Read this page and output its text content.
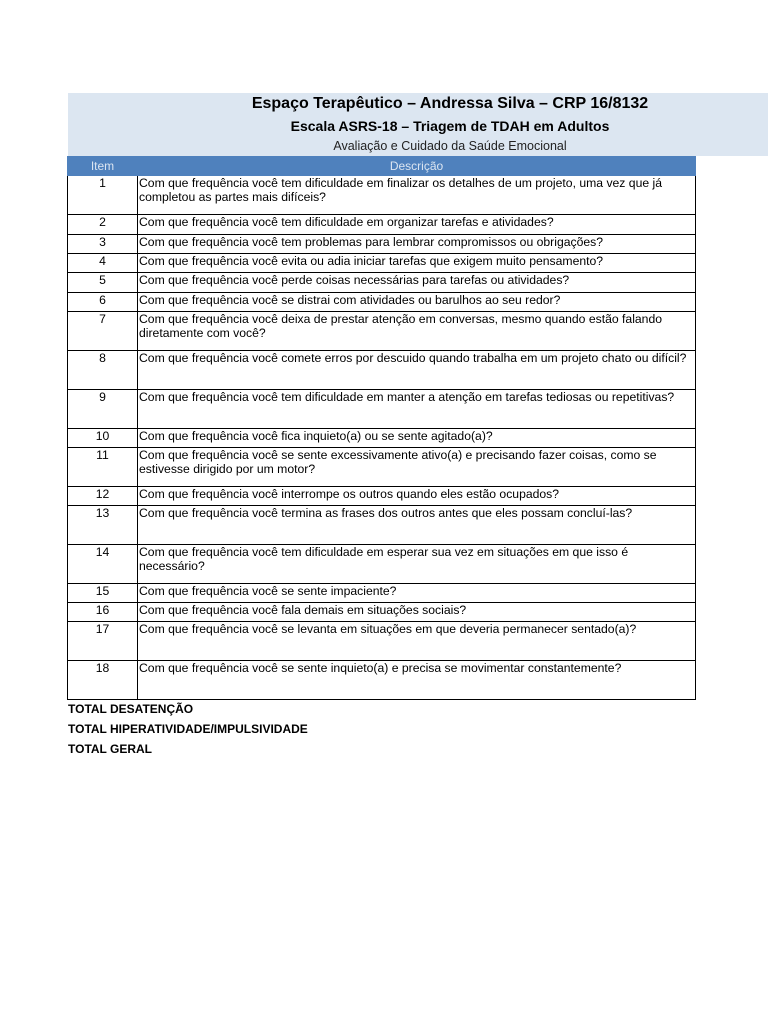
Espaço Terapêutico – Andressa Silva – CRP 16/8132
Escala ASRS-18 – Triagem de TDAH em Adultos
Avaliação e Cuidado da Saúde Emocional
Item	Descrição
1	Com que frequência você tem dificuldade em finalizar os detalhes de um projeto, uma vez que já completou as partes mais difíceis?
2	Com que frequência você tem dificuldade em organizar tarefas e atividades?
3	Com que frequência você tem problemas para lembrar compromissos ou obrigações?
4	Com que frequência você evita ou adia iniciar tarefas que exigem muito pensamento?
5	Com que frequência você perde coisas necessárias para tarefas ou atividades?
6	Com que frequência você se distrai com atividades ou barulhos ao seu redor?
7	Com que frequência você deixa de prestar atenção em conversas, mesmo quando estão falando diretamente com você?
8	Com que frequência você comete erros por descuido quando trabalha em um projeto chato ou difícil?
9	Com que frequência você tem dificuldade em manter a atenção em tarefas tediosas ou repetitivas?
10	Com que frequência você fica inquieto(a) ou se sente agitado(a)?
11	Com que frequência você se sente excessivamente ativo(a) e precisando fazer coisas, como se estivesse dirigido por um motor?
12	Com que frequência você interrompe os outros quando eles estão ocupados?
13	Com que frequência você termina as frases dos outros antes que eles possam concluí-las?
14	Com que frequência você tem dificuldade em esperar sua vez em situações em que isso é necessário?
15	Com que frequência você se sente impaciente?
16	Com que frequência você fala demais em situações sociais?
17	Com que frequência você se levanta em situações em que deveria permanecer sentado(a)?
18	Com que frequência você se sente inquieto(a) e precisa se movimentar constantemente?
TOTAL DESATENÇÃO
TOTAL HIPERATIVIDADE/IMPULSIVIDADE
TOTAL GERAL
